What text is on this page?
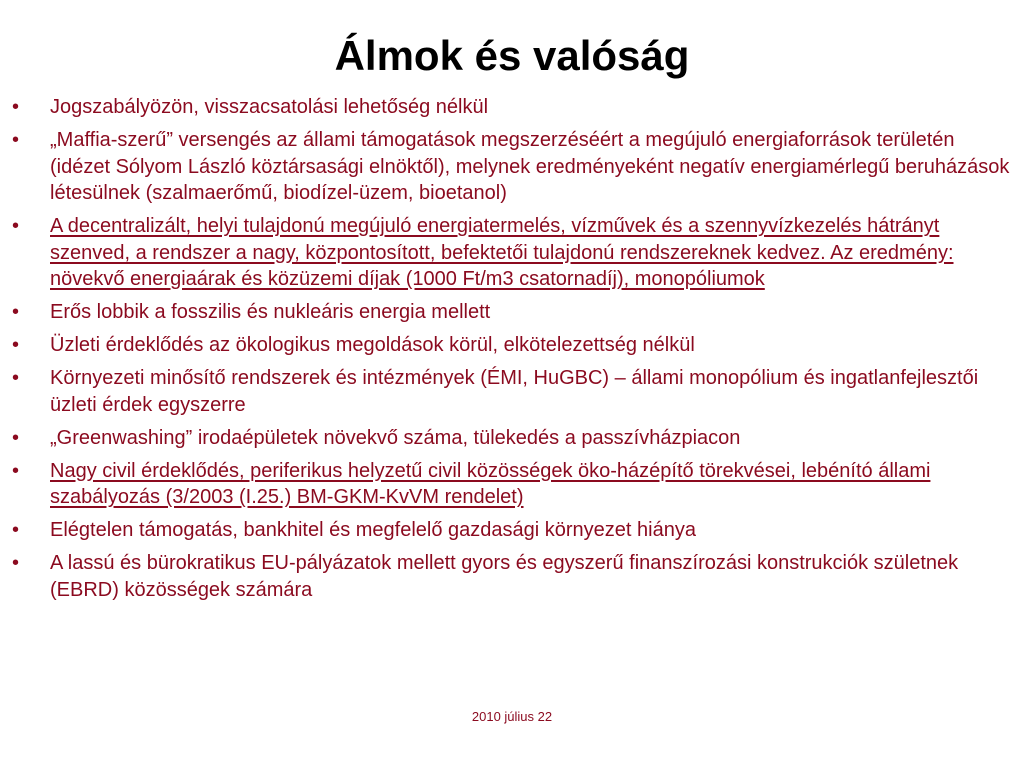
Álmok és valóság
• Jogszabályözön, visszacsatolási lehetőség nélkül
• „Maffia-szerű” versengés az állami támogatások megszerzéséért a megújuló energiaforrások területén (idézet Sólyom László köztársasági elnöktől), melynek eredményeként negatív energiamérlegű beruházások létesülnek (szalmaerőmű, biodízel-üzem, bioetanol)
• A decentralizált, helyi tulajdonú megújuló energiatermelés, vízművek és a szennyvízkezelés hátrányt szenved, a rendszer a nagy, központosított, befektetői tulajdonú rendszereknek kedvez. Az eredmény: növekvő energiaárak és közüzemi díjak (1000 Ft/m3 csatornadíj), monopóliumok
• Erős lobbik a fosszilis és nukleáris energia mellett
• Üzleti érdeklődés az ökologikus megoldások körül, elkötelezettség nélkül
• Környezeti minősítő rendszerek és intézmények (ÉMI, HuGBC) – állami monopólium és ingatlanfejlesztői üzleti érdek egyszerre
• „Greenwashing” irodaépületek növekvő száma, tülekedés a passzívházpiacon
• Nagy civil érdeklődés, periferikus helyzetű civil közösségek öko-házépítő törekvései, lebénító állami szabályozás (3/2003 (I.25.) BM-GKM-KvVM rendelet)
• Elégtelen támogatás, bankhitel és megfelelő gazdasági környezet hiánya
• A lassú és bürokratikus EU-pályázatok mellett gyors és egyszerű finanszírozási konstrukciók születnek (EBRD) közösségek számára
2010 július 22
